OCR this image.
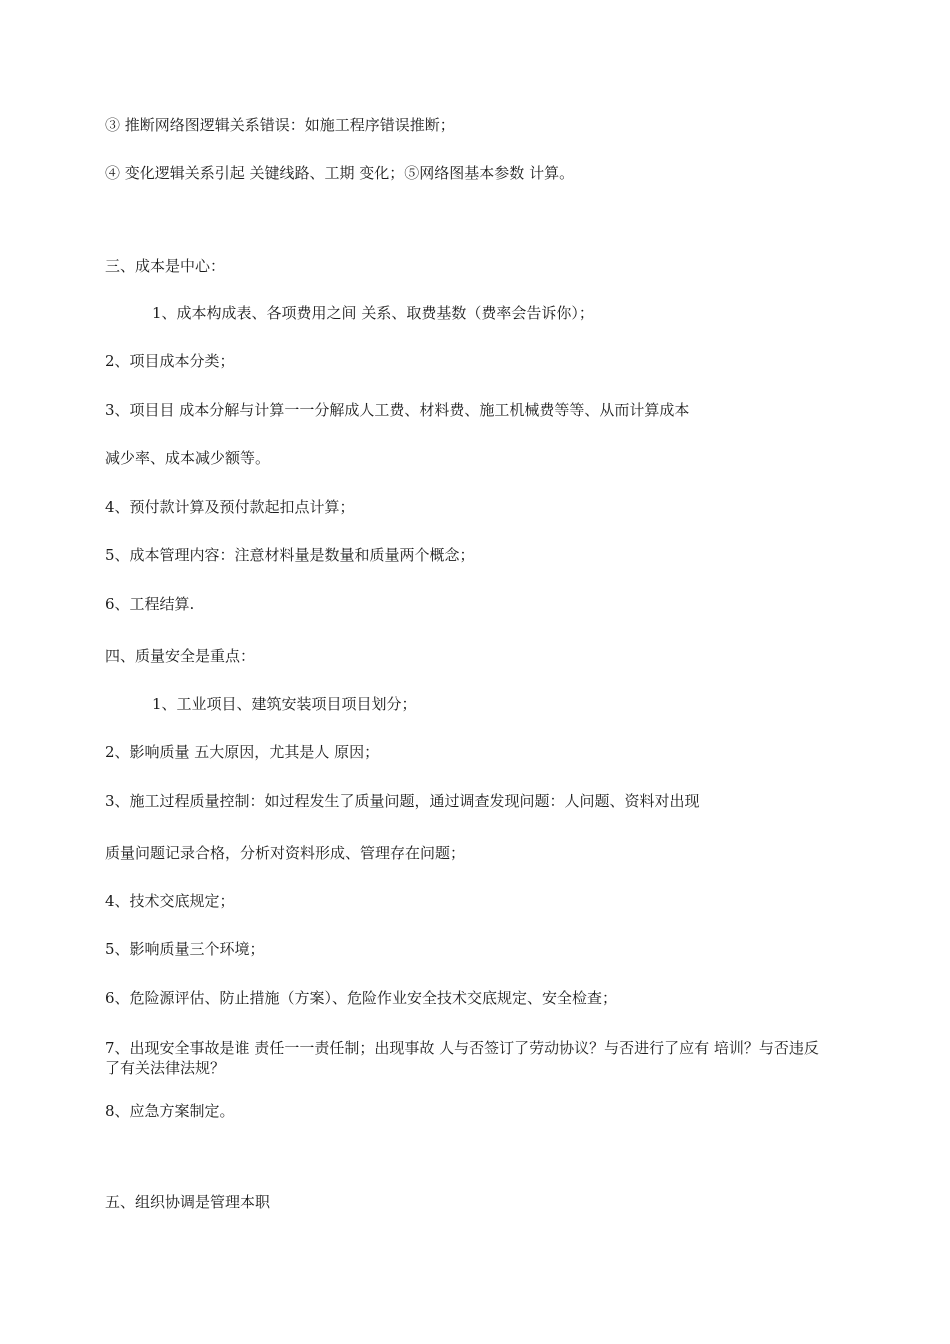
③ 推断网络图逻辑关系错误：如施工程序错误推断；
④ 变化逻辑关系引起 关键线路、工期 变化；⑤网络图基本参数 计算。
三、成本是中心：
1、成本构成表、各项费用之间 关系、取费基数（费率会告诉你）；
2、项目成本分类；
3、项目目 成本分解与计算一一分解成人工费、材料费、施工机械费等等、从而计算成本
减少率、成本减少额等。
4、预付款计算及预付款起扣点计算；
5、成本管理内容：注意材料量是数量和质量两个概念；
6、工程结算.
四、质量安全是重点：
1、工业项目、建筑安装项目项目划分；
2、影响质量 五大原因，尤其是人 原因；
3、施工过程质量控制：如过程发生了质量问题，通过调查发现问题：人问题、资料对出现
质量问题记录合格，分析对资料形成、管理存在问题；
4、技术交底规定；
5、影响质量三个环境；
6、危险源评估、防止措施（方案）、危险作业安全技术交底规定、安全检查；
7、出现安全事故是谁 责任一一责任制；出现事故 人与否签订了劳动协议？与否进行了应有 培训？与否违反了有关法律法规？
8、应急方案制定。
五、组织协调是管理本职
